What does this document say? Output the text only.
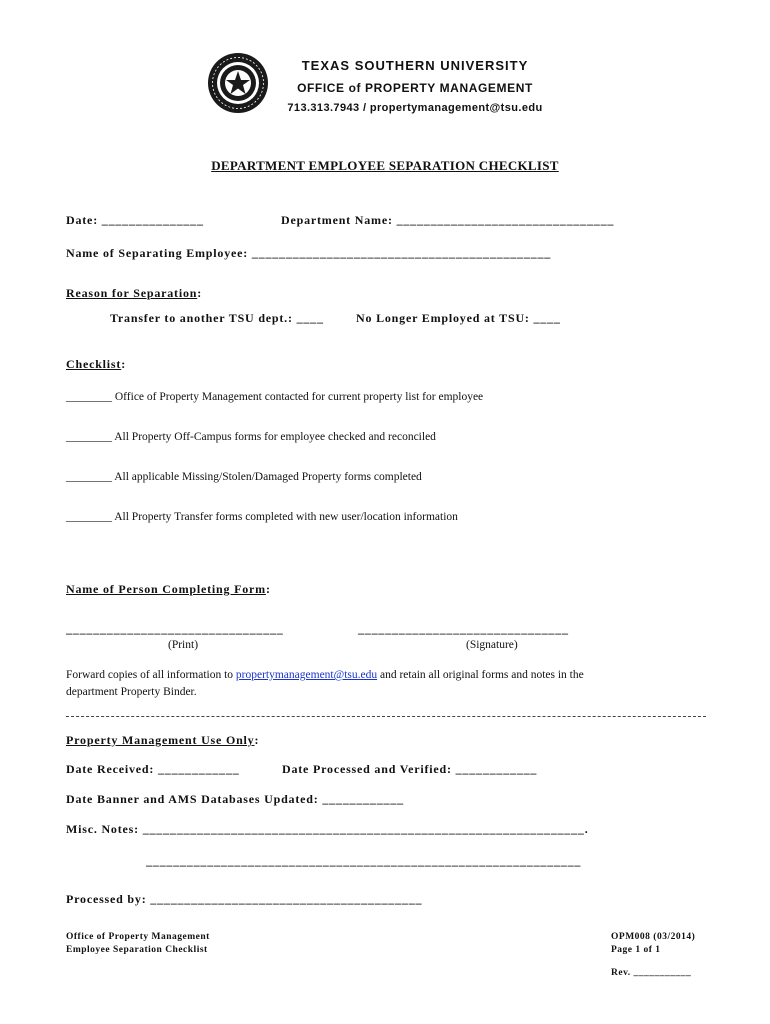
TEXAS SOUTHERN UNIVERSITY
OFFICE of PROPERTY MANAGEMENT
713.313.7943 / propertymanagement@tsu.edu
DEPARTMENT EMPLOYEE SEPARATION CHECKLIST
Date: _______________	Department Name: ________________________________
Name of Separating Employee: ____________________________________________
Reason for Separation:
Transfer to another TSU dept.: ____	No Longer Employed at TSU: ____
Checklist:
________ Office of Property Management contacted for current property list for employee
________ All Property Off-Campus forms for employee checked and reconciled
________ All applicable Missing/Stolen/Damaged Property forms completed
________ All Property Transfer forms completed with new user/location information
Name of Person Completing Form:
________________________________	_______________________________
(Print)	(Signature)
Forward copies of all information to propertymanagement@tsu.edu and retain all original forms and notes in the
department Property Binder.
Property Management Use Only:
Date Received: ____________	Date Processed and Verified: ____________
Date Banner and AMS Databases Updated: ____________
Misc. Notes: _________________________________________________________________.
________________________________________________________________
Processed by: ________________________________________
Office of Property Management
Employee Separation Checklist
OPM008 (03/2014)
Page 1 of 1
Rev. ___________
